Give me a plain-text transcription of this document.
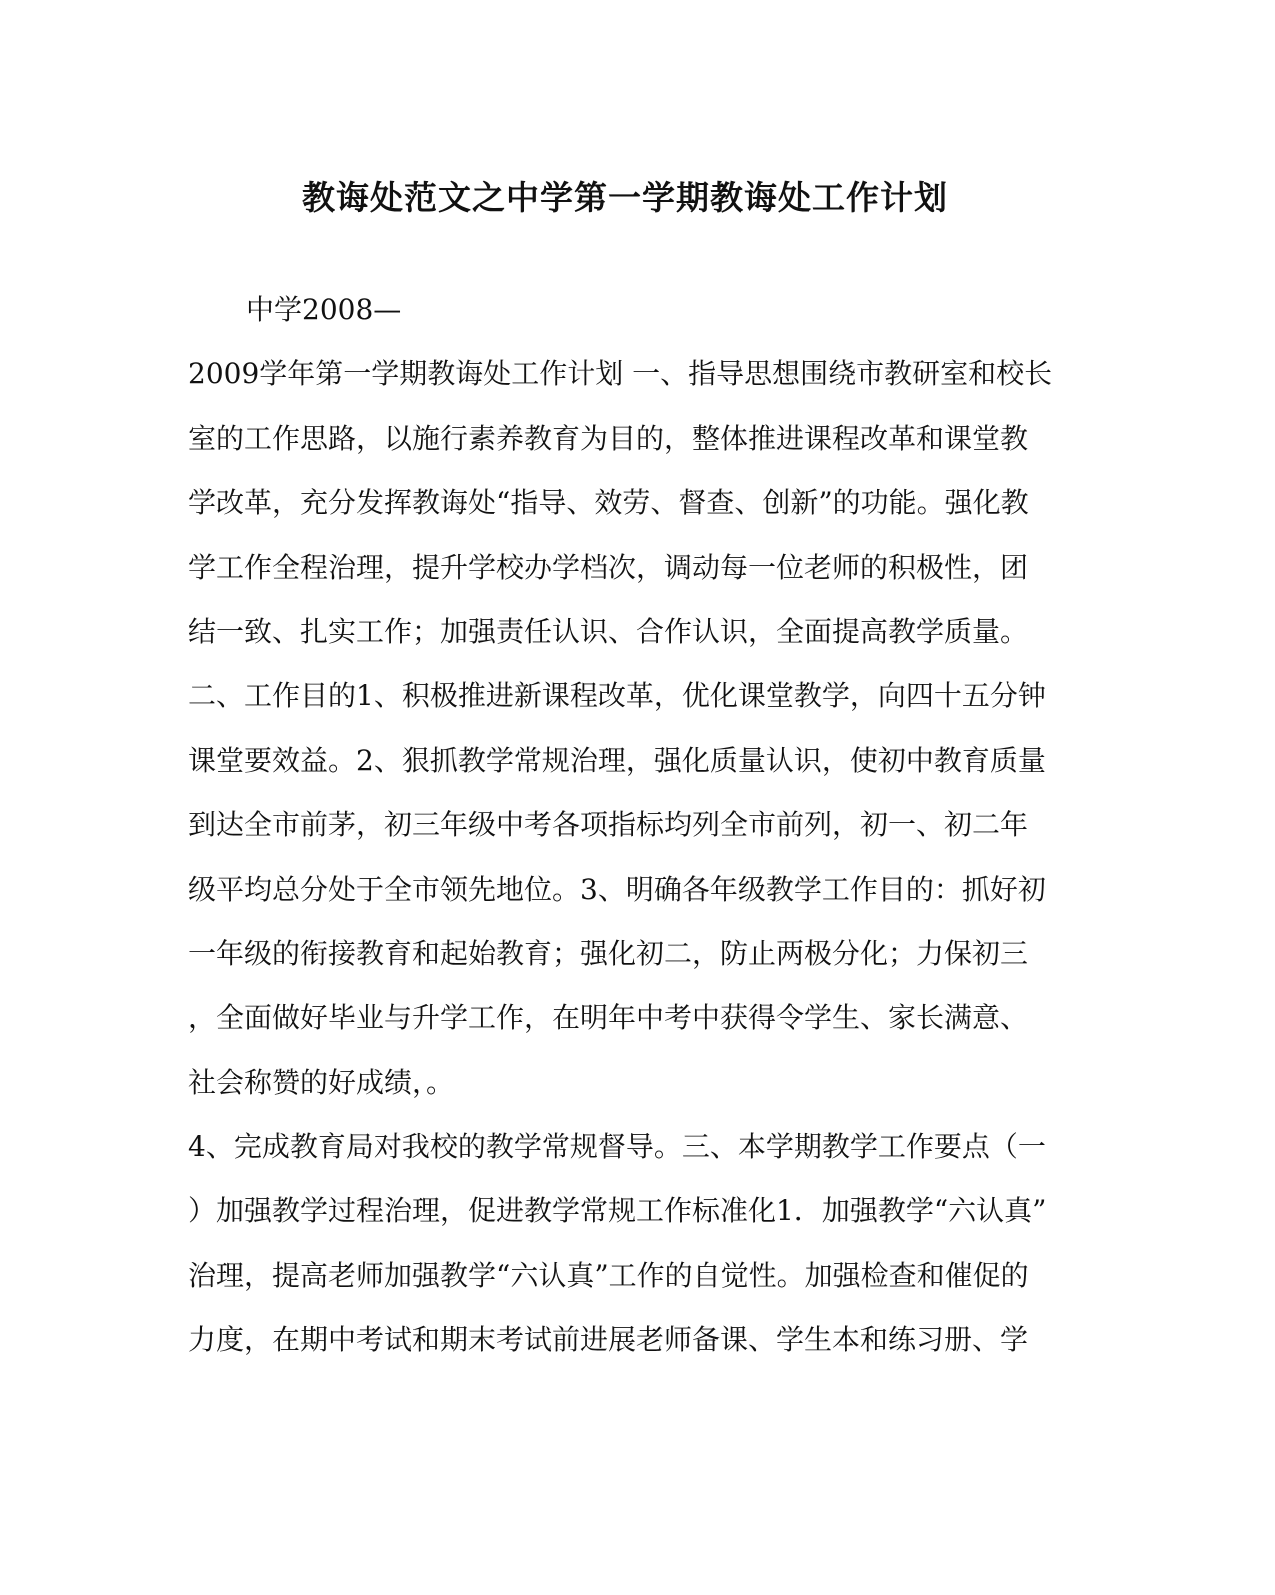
教诲处范文之中学第一学期教诲处工作计划
中学2008—
2009学年第一学期教诲处工作计划 一、指导思想围绕市教研室和校长
室的工作思路，以施行素养教育为目的，整体推进课程改革和课堂教
学改革，充分发挥教诲处“指导、效劳、督查、创新”的功能。强化教
学工作全程治理，提升学校办学档次，调动每一位老师的积极性，团
结一致、扎实工作；加强责任认识、合作认识，全面提高教学质量。
二、工作目的1、积极推进新课程改革，优化课堂教学，向四十五分钟
课堂要效益。2、狠抓教学常规治理，强化质量认识，使初中教育质量
到达全市前茅，初三年级中考各项指标均列全市前列，初一、初二年
级平均总分处于全市领先地位。3、明确各年级教学工作目的：抓好初
一年级的衔接教育和起始教育；强化初二，防止两极分化；力保初三
，全面做好毕业与升学工作，在明年中考中获得令学生、家长满意、
社会称赞的好成绩，。
4、完成教育局对我校的教学常规督导。三、本学期教学工作要点（一
）加强教学过程治理，促进教学常规工作标准化1．加强教学“六认真”
治理，提高老师加强教学“六认真”工作的自觉性。加强检查和催促的
力度，在期中考试和期末考试前进展老师备课、学生本和练习册、学
